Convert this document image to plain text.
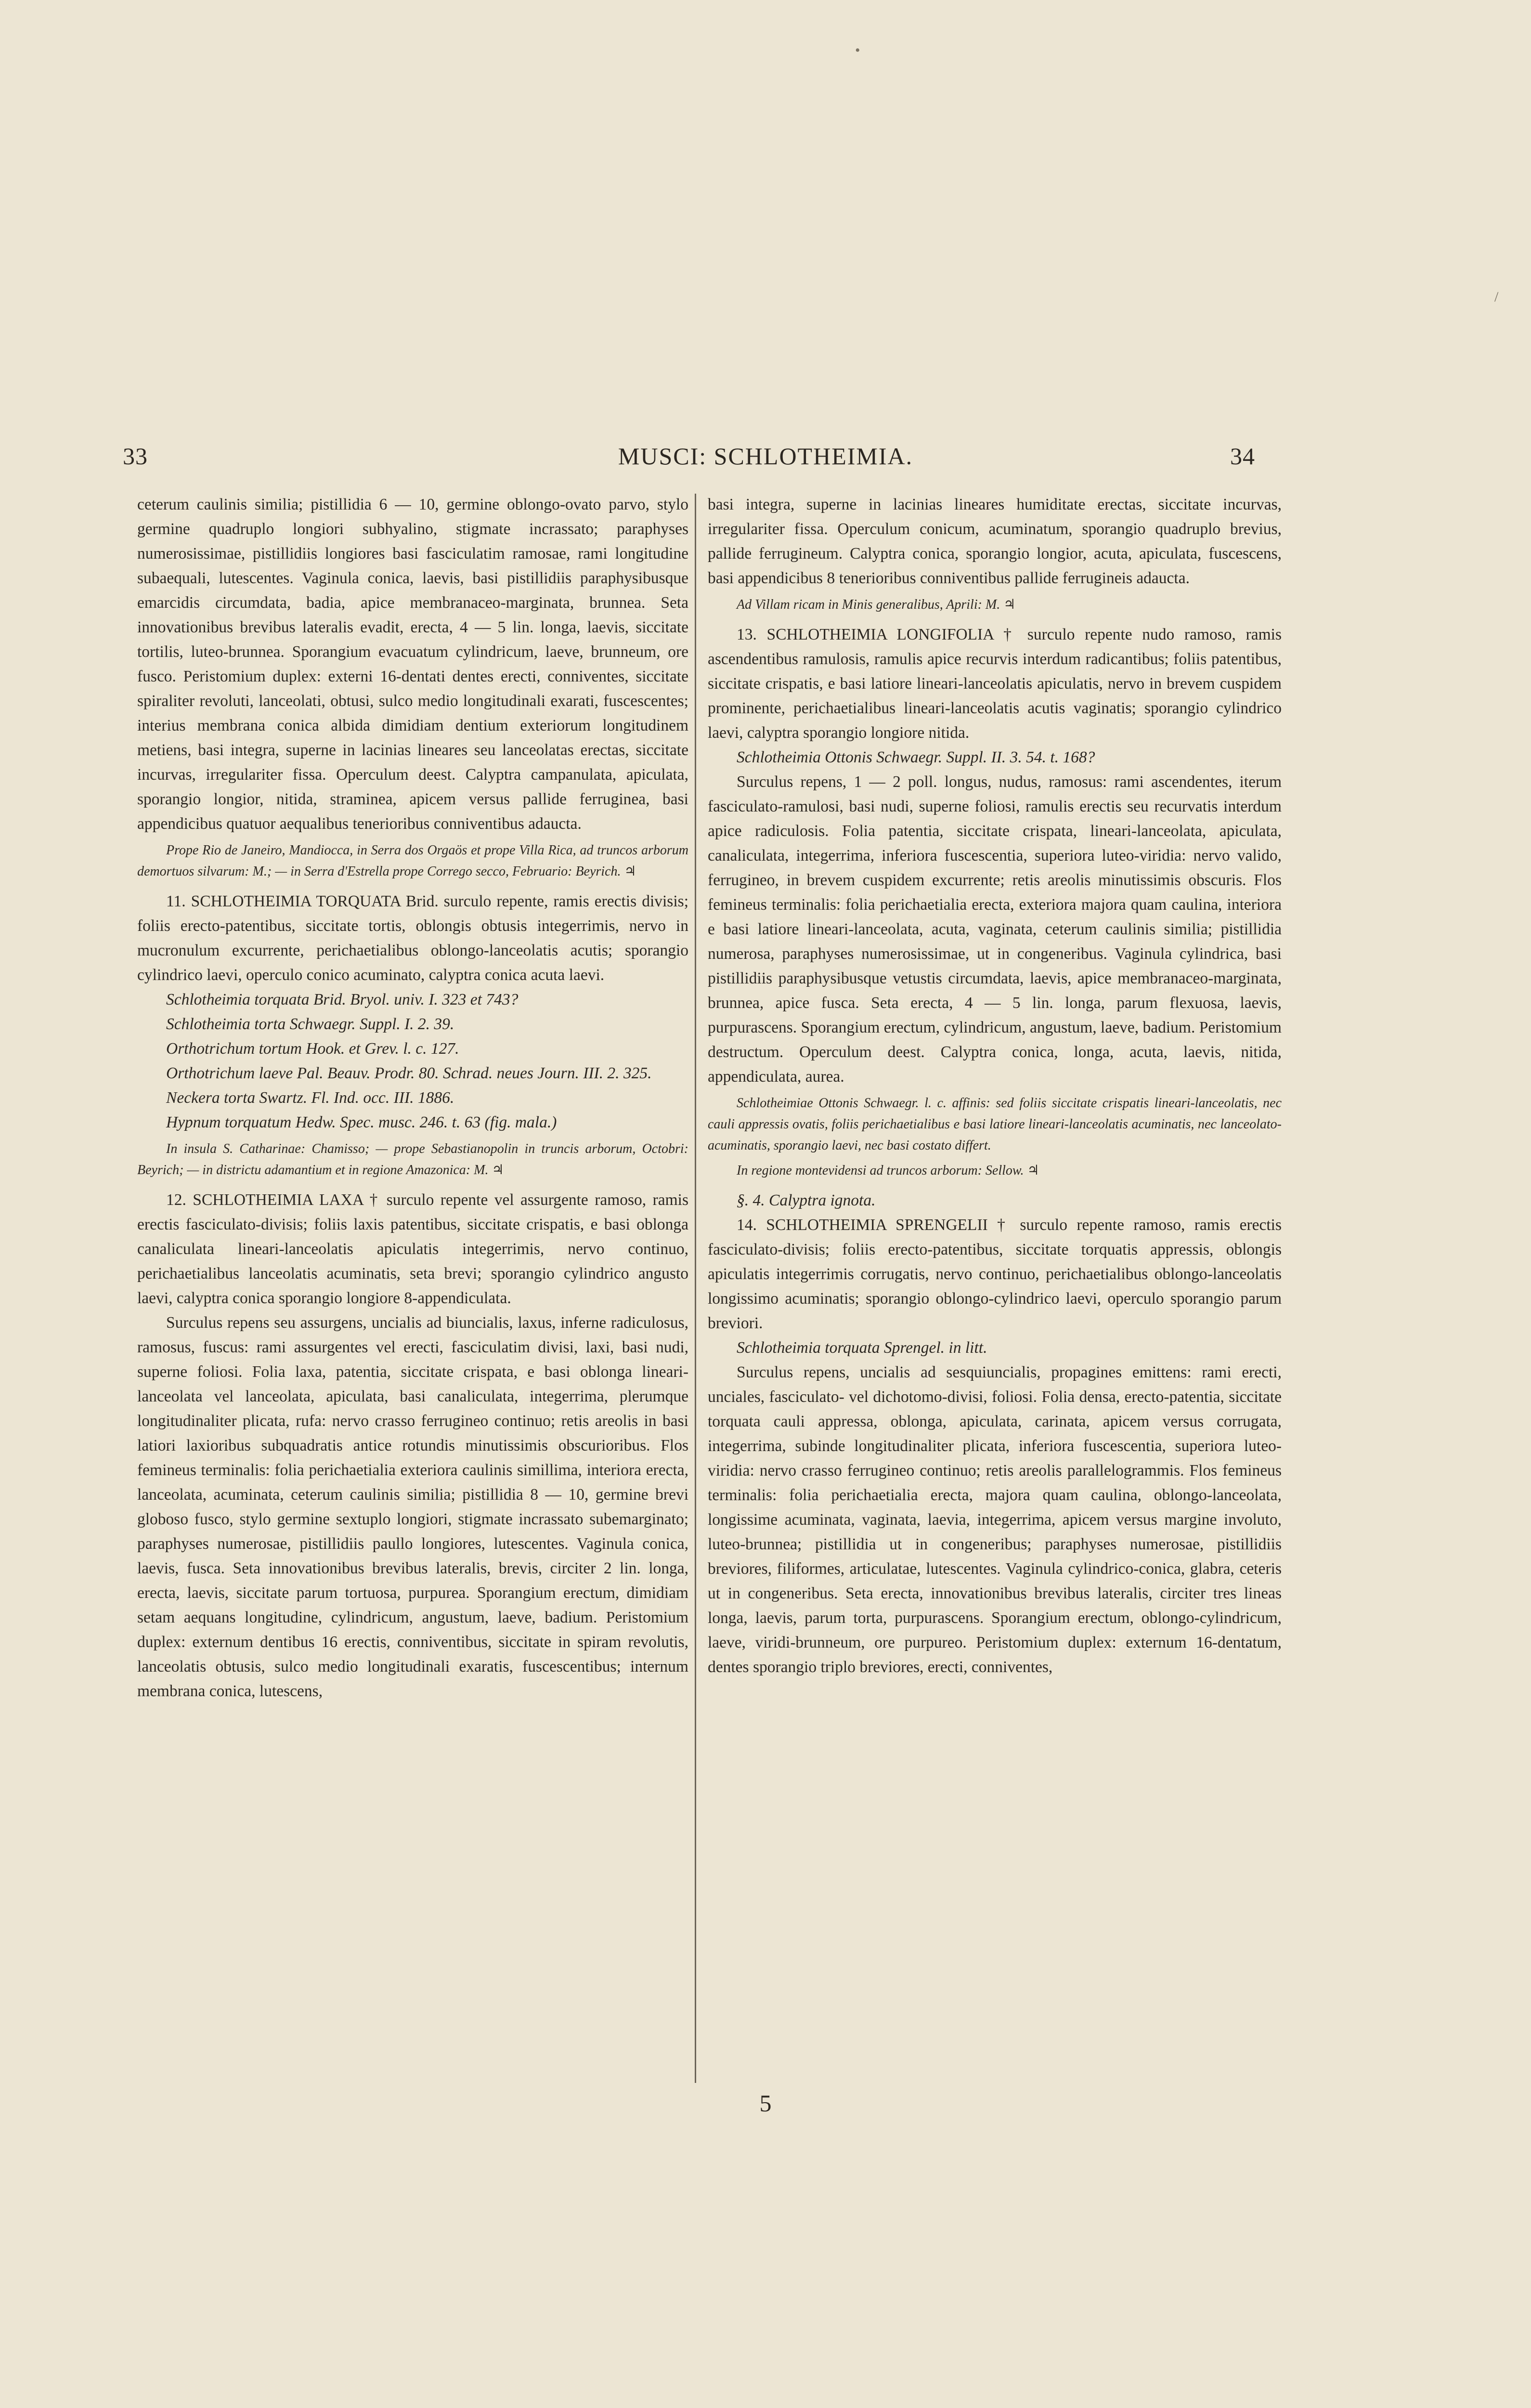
•
/
MUSCI: SCHLOTHEIMIA.
33	34

ceterum caulinis similia; pistillidia 6 — 10, germine oblongo-ovato parvo, stylo germine quadruplo longiori subhyalino, stigmate incrassato; paraphyses numerosissimae, pistillidiis longiores basi fasciculatim ramosae, rami longitudine subaequali, lutescentes. Vaginula conica, laevis, basi pistillidiis paraphysibusque emarcidis circumdata, badia, apice membranaceo-marginata, brunnea. Seta innovationibus brevibus lateralis evadit, erecta, 4 — 5 lin. longa, laevis, siccitate tortilis, luteo-brunnea. Sporangium evacuatum cylindricum, laeve, brunneum, ore fusco. Peristomium duplex: externi 16-dentati dentes erecti, conniventes, siccitate spiraliter revoluti, lanceolati, obtusi, sulco medio longitudinali exarati, fuscescentes; interius membrana conica albida dimidiam dentium exteriorum longitudinem metiens, basi integra, superne in lacinias lineares seu lanceolatas erectas, siccitate incurvas, irregulariter fissa. Operculum deest. Calyptra campanulata, apiculata, sporangio longior, nitida, straminea, apicem versus pallide ferruginea, basi appendicibus quatuor aequalibus tenerioribus conniventibus adaucta.

Prope Rio de Janeiro, Mandiocca, in Serra dos Orgaös et prope Villa Rica, ad truncos arborum demortuos silvarum: M.; — in Serra d'Estrella prope Corrego secco, Februario: Beyrich. ♃

11. SCHLOTHEIMIA TORQUATA Brid. surculo repente, ramis erectis divisis; foliis erecto-patentibus, siccitate tortis, oblongis obtusis integerrimis, nervo in mucronulum excurrente, perichaetialibus oblongo-lanceolatis acutis; sporangio cylindrico laevi, operculo conico acuminato, calyptra conica acuta laevi.

Schlotheimia torquata Brid. Bryol. univ. I. 323 et 743?

Schlotheimia torta Schwaegr. Suppl. I. 2. 39.

Orthotrichum tortum Hook. et Grev. l. c. 127.

Orthotrichum laeve Pal. Beauv. Prodr. 80. Schrad. neues Journ. III. 2. 325.

Neckera torta Swartz. Fl. Ind. occ. III. 1886.

Hypnum torquatum Hedw. Spec. musc. 246. t. 63 (fig. mala.)

In insula S. Catharinae: Chamisso; — prope Sebastianopolin in truncis arborum, Octobri: Beyrich; — in districtu adamantium et in regione Amazonica: M. ♃

12. SCHLOTHEIMIA LAXA † surculo repente vel assurgente ramoso, ramis erectis fasciculato-divisis; foliis laxis patentibus, siccitate crispatis, e basi oblonga canaliculata lineari-lanceolatis apiculatis integerrimis, nervo continuo, perichaetialibus lanceolatis acuminatis, seta brevi; sporangio cylindrico angusto laevi, calyptra conica sporangio longiore 8-appendiculata.

Surculus repens seu assurgens, uncialis ad biuncialis, laxus, inferne radiculosus, ramosus, fuscus: rami assurgentes vel erecti, fasciculatim divisi, laxi, basi nudi, superne foliosi. Folia laxa, patentia, siccitate crispata, e basi oblonga lineari-lanceolata vel lanceolata, apiculata, basi canaliculata, integerrima, plerumque longitudinaliter plicata, rufa: nervo crasso ferrugineo continuo; retis areolis in basi latiori laxioribus subquadratis antice rotundis minutissimis obscurioribus. Flos femineus terminalis: folia perichaetialia exteriora caulinis simillima, interiora erecta, lanceolata, acuminata, ceterum caulinis similia; pistillidia 8 — 10, germine brevi globoso fusco, stylo germine sextuplo longiori, stigmate incrassato subemarginato; paraphyses numerosae, pistillidiis paullo longiores, lutescentes. Vaginula conica, laevis, fusca. Seta innovationibus brevibus lateralis, brevis, circiter 2 lin. longa, erecta, laevis, siccitate parum tortuosa, purpurea. Sporangium erectum, dimidiam setam aequans longitudine, cylindricum, angustum, laeve, badium. Peristomium duplex: externum dentibus 16 erectis, conniventibus, siccitate in spiram revolutis, lanceolatis obtusis, sulco medio longitudinali exaratis, fuscescentibus; internum membrana conica, lutescens,

basi integra, superne in lacinias lineares humiditate erectas, siccitate incurvas, irregulariter fissa. Operculum conicum, acuminatum, sporangio quadruplo brevius, pallide ferrugineum. Calyptra conica, sporangio longior, acuta, apiculata, fuscescens, basi appendicibus 8 tenerioribus conniventibus pallide ferrugineis adaucta.

Ad Villam ricam in Minis generalibus, Aprili: M. ♃

13. SCHLOTHEIMIA LONGIFOLIA † surculo repente nudo ramoso, ramis ascendentibus ramulosis, ramulis apice recurvis interdum radicantibus; foliis patentibus, siccitate crispatis, e basi latiore lineari-lanceolatis apiculatis, nervo in brevem cuspidem prominente, perichaetialibus lineari-lanceolatis acutis vaginatis; sporangio cylindrico laevi, calyptra sporangio longiore nitida.

Schlotheimia Ottonis Schwaegr. Suppl. II. 3. 54. t. 168?

Surculus repens, 1 — 2 poll. longus, nudus, ramosus: rami ascendentes, iterum fasciculato-ramulosi, basi nudi, superne foliosi, ramulis erectis seu recurvatis interdum apice radiculosis. Folia patentia, siccitate crispata, lineari-lanceolata, apiculata, canaliculata, integerrima, inferiora fuscescentia, superiora luteo-viridia: nervo valido, ferrugineo, in brevem cuspidem excurrente; retis areolis minutissimis obscuris. Flos femineus terminalis: folia perichaetialia erecta, exteriora majora quam caulina, interiora e basi latiore lineari-lanceolata, acuta, vaginata, ceterum caulinis similia; pistillidia numerosa, paraphyses numerosissimae, ut in congeneribus. Vaginula cylindrica, basi pistillidiis paraphysibusque vetustis circumdata, laevis, apice membranaceo-marginata, brunnea, apice fusca. Seta erecta, 4 — 5 lin. longa, parum flexuosa, laevis, purpurascens. Sporangium erectum, cylindricum, angustum, laeve, badium. Peristomium destructum. Operculum deest. Calyptra conica, longa, acuta, laevis, nitida, appendiculata, aurea.

Schlotheimiae Ottonis Schwaegr. l. c. affinis: sed foliis siccitate crispatis lineari-lanceolatis, nec cauli appressis ovatis, foliis perichaetialibus e basi latiore lineari-lanceolatis acuminatis, nec lanceolato-acuminatis, sporangio laevi, nec basi costato differt.

In regione montevidensi ad truncos arborum: Sellow. ♃

§. 4. Calyptra ignota.

14. SCHLOTHEIMIA SPRENGELII † surculo repente ramoso, ramis erectis fasciculato-divisis; foliis erecto-patentibus, siccitate torquatis appressis, oblongis apiculatis integerrimis corrugatis, nervo continuo, perichaetialibus oblongo-lanceolatis longissimo acuminatis; sporangio oblongo-cylindrico laevi, operculo sporangio parum breviori.

Schlotheimia torquata Sprengel. in litt.

Surculus repens, uncialis ad sesquiuncialis, propagines emittens: rami erecti, unciales, fasciculato- vel dichotomo-divisi, foliosi. Folia densa, erecto-patentia, siccitate torquata cauli appressa, oblonga, apiculata, carinata, apicem versus corrugata, integerrima, subinde longitudinaliter plicata, inferiora fuscescentia, superiora luteo-viridia: nervo crasso ferrugineo continuo; retis areolis parallelogrammis. Flos femineus terminalis: folia perichaetialia erecta, majora quam caulina, oblongo-lanceolata, longissime acuminata, vaginata, laevia, integerrima, apicem versus margine involuto, luteo-brunnea; pistillidia ut in congeneribus; paraphyses numerosae, pistillidiis breviores, filiformes, articulatae, lutescentes. Vaginula cylindrico-conica, glabra, ceteris ut in congeneribus. Seta erecta, innovationibus brevibus lateralis, circiter tres lineas longa, laevis, parum torta, purpurascens. Sporangium erectum, oblongo-cylindricum, laeve, viridi-brunneum, ore purpureo. Peristomium duplex: externum 16-dentatum, dentes sporangio triplo breviores, erecti, conniventes,

5
